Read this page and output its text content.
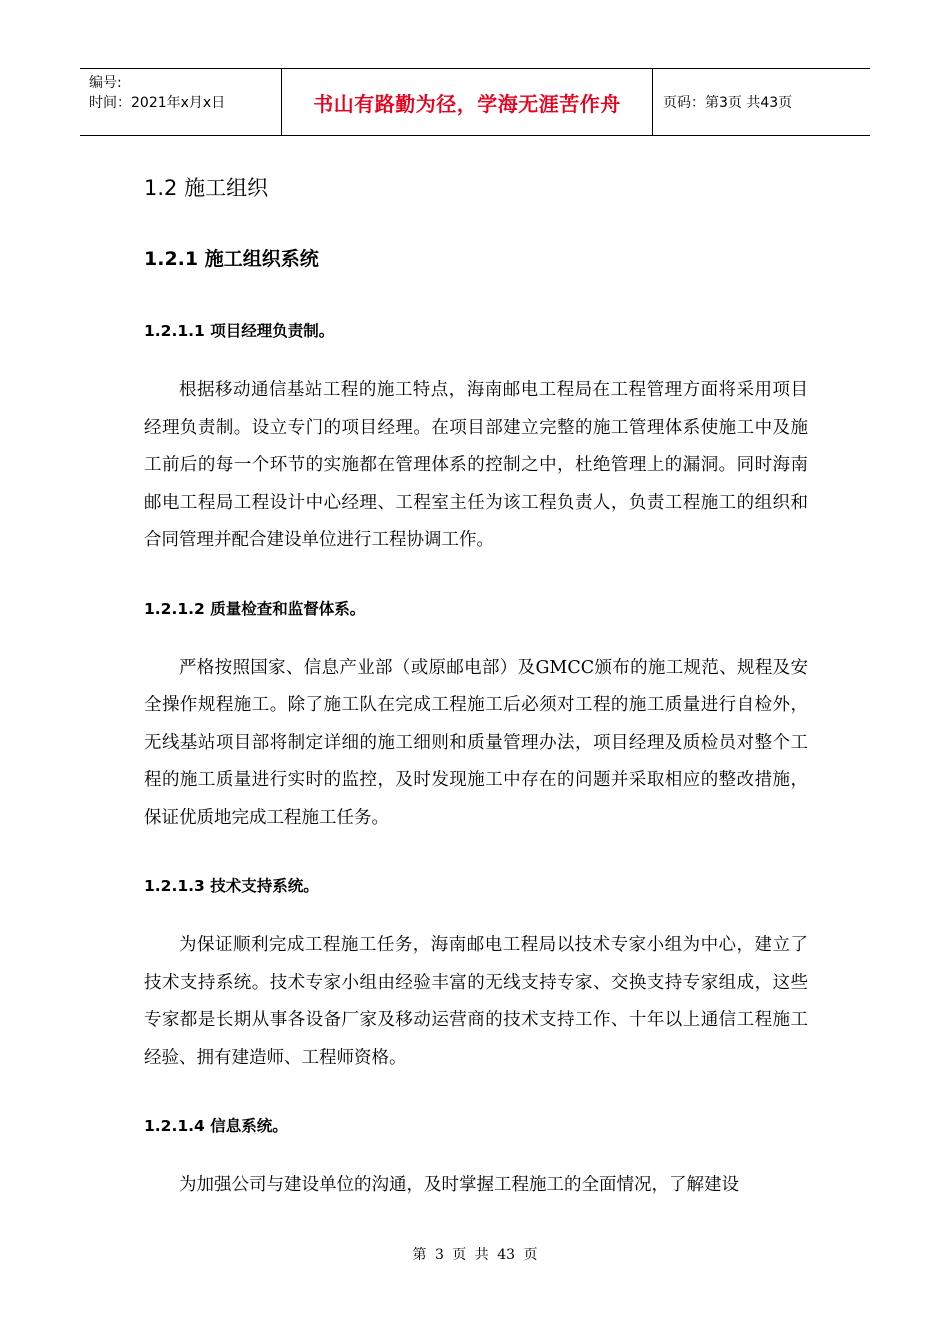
编号:
时间：2021年x月x日	书山有路勤为径，学海无涯苦作舟	页码：第3页 共43页
1.2 施工组织
1.2.1 施工组织系统
1.2.1.1 项目经理负责制。

根据移动通信基站工程的施工特点，海南邮电工程局在工程管理方面将采用项目经理负责制。设立专门的项目经理。在项目部建立完整的施工管理体系使施工中及施工前后的每一个环节的实施都在管理体系的控制之中，杜绝管理上的漏洞。同时海南邮电工程局工程设计中心经理、工程室主任为该工程负责人，负责工程施工的组织和合同管理并配合建设单位进行工程协调工作。

1.2.1.2 质量检查和监督体系。

严格按照国家、信息产业部（或原邮电部）及GMCC颁布的施工规范、规程及安全操作规程施工。除了施工队在完成工程施工后必须对工程的施工质量进行自检外，无线基站项目部将制定详细的施工细则和质量管理办法，项目经理及质检员对整个工程的施工质量进行实时的监控，及时发现施工中存在的问题并采取相应的整改措施，保证优质地完成工程施工任务。

1.2.1.3 技术支持系统。

为保证顺利完成工程施工任务，海南邮电工程局以技术专家小组为中心，建立了技术支持系统。技术专家小组由经验丰富的无线支持专家、交换支持专家组成，这些专家都是长期从事各设备厂家及移动运营商的技术支持工作、十年以上通信工程施工经验、拥有建造师、工程师资格。

1.2.1.4 信息系统。

为加强公司与建设单位的沟通，及时掌握工程施工的全面情况，了解建设

第 3 页 共 43 页
